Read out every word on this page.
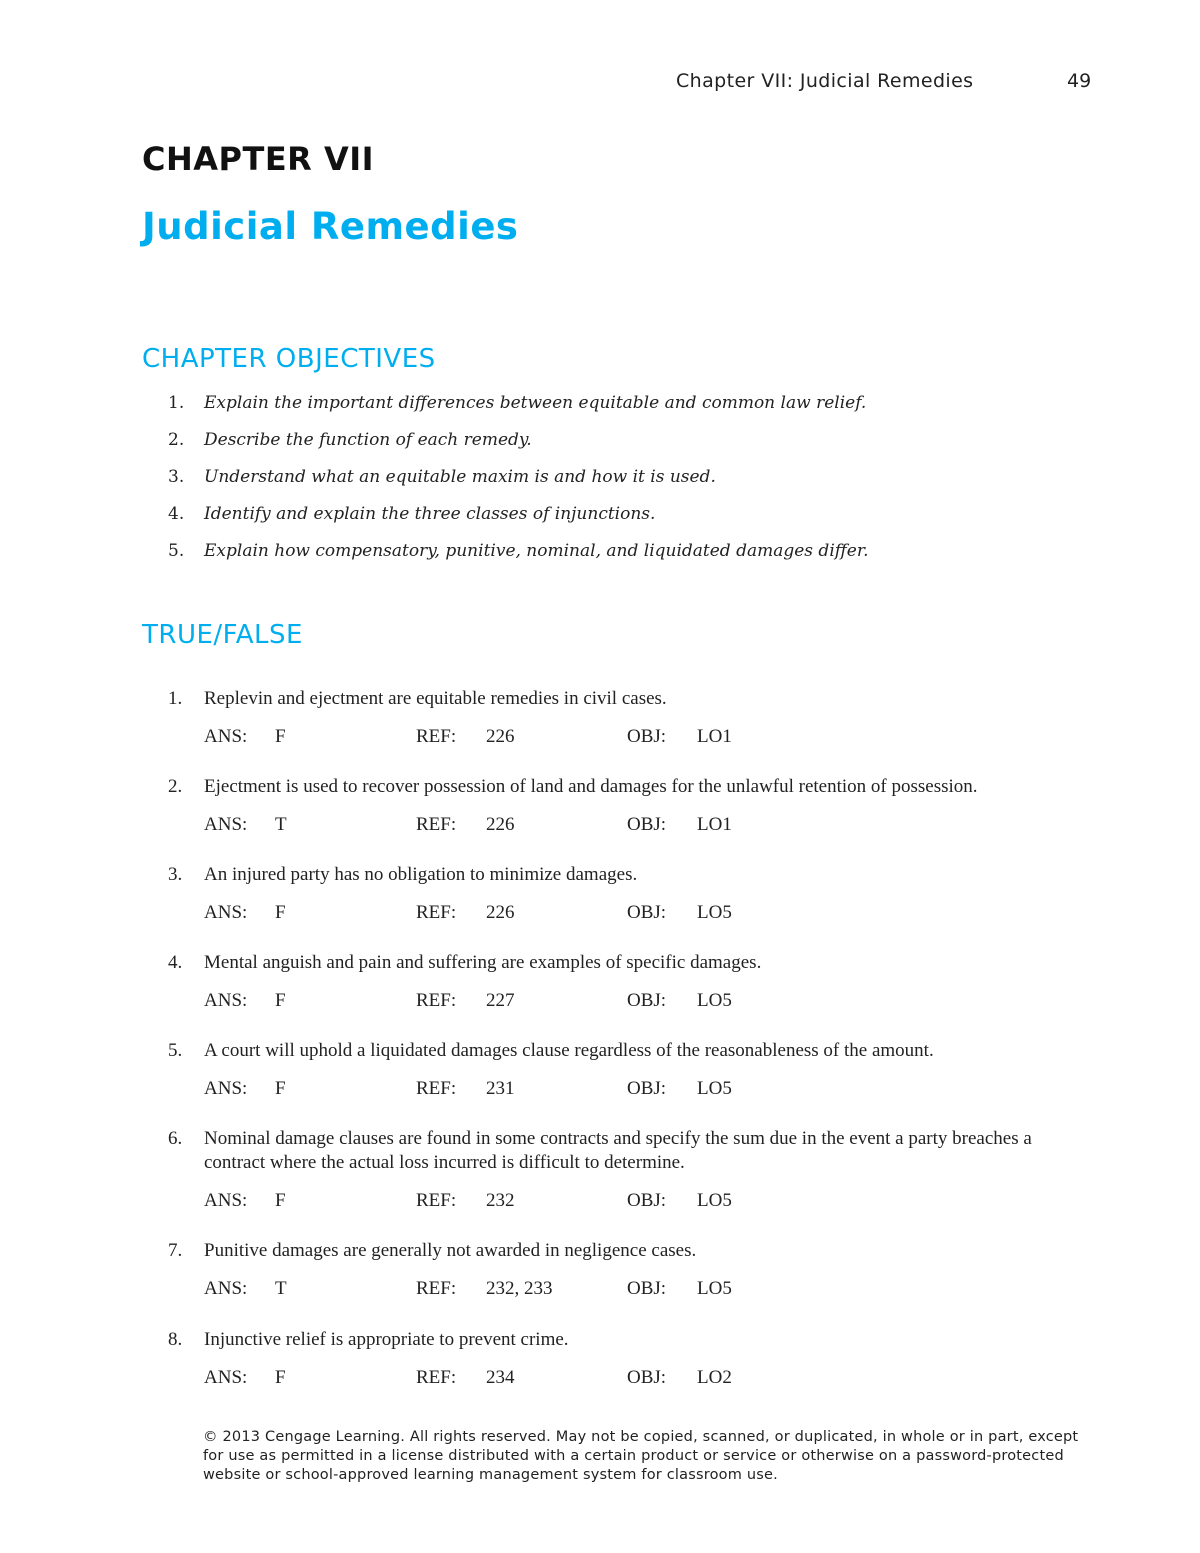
Chapter VII: Judicial Remedies	49
CHAPTER VII
Judicial Remedies
CHAPTER OBJECTIVES
1. Explain the important differences between equitable and common law relief.
2. Describe the function of each remedy.
3. Understand what an equitable maxim is and how it is used.
4. Identify and explain the three classes of injunctions.
5. Explain how compensatory, punitive, nominal, and liquidated damages differ.
TRUE/FALSE
1. Replevin and ejectment are equitable remedies in civil cases.
ANS: F	REF: 226	OBJ: LO1
2. Ejectment is used to recover possession of land and damages for the unlawful retention of possession.
ANS: T	REF: 226	OBJ: LO1
3. An injured party has no obligation to minimize damages.
ANS: F	REF: 226	OBJ: LO5
4. Mental anguish and pain and suffering are examples of specific damages.
ANS: F	REF: 227	OBJ: LO5
5. A court will uphold a liquidated damages clause regardless of the reasonableness of the amount.
ANS: F	REF: 231	OBJ: LO5
6. Nominal damage clauses are found in some contracts and specify the sum due in the event a party breaches a contract where the actual loss incurred is difficult to determine.
ANS: F	REF: 232	OBJ: LO5
7. Punitive damages are generally not awarded in negligence cases.
ANS: T	REF: 232, 233	OBJ: LO5
8. Injunctive relief is appropriate to prevent crime.
ANS: F	REF: 234	OBJ: LO2
© 2013 Cengage Learning. All rights reserved. May not be copied, scanned, or duplicated, in whole or in part, except for use as permitted in a license distributed with a certain product or service or otherwise on a password-protected website or school-approved learning management system for classroom use.
